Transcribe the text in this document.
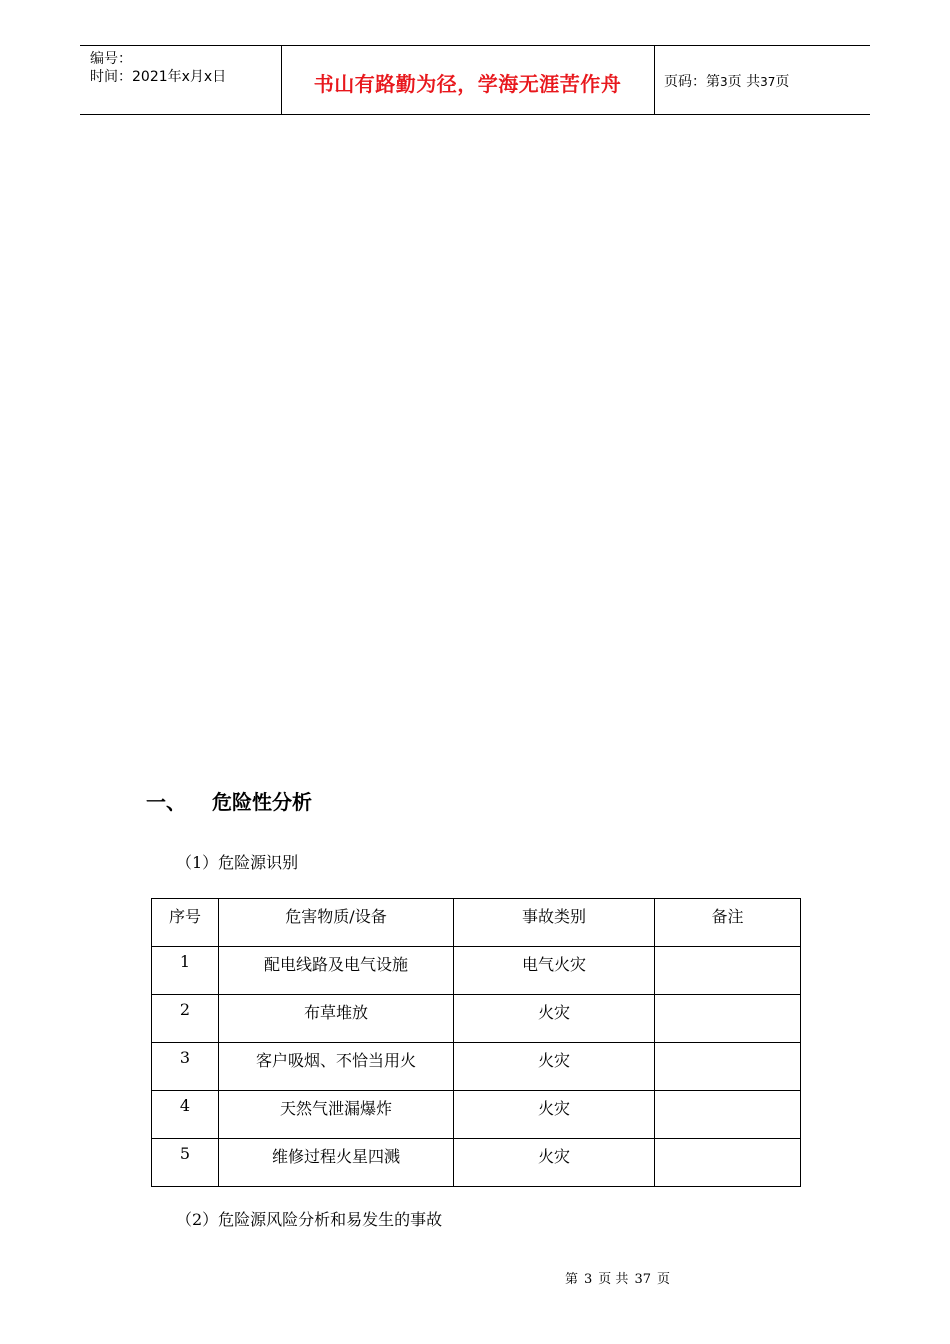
编号：
时间：2021年x月x日	书山有路勤为径，学海无涯苦作舟	页码：第3页 共37页
一、 危险性分析
（1）危险源识别
序号	危害物质/设备	事故类别	备注
1	配电线路及电气设施	电气火灾	
2	布草堆放	火灾	
3	客户吸烟、不恰当用火	火灾	
4	天然气泄漏爆炸	火灾	
5	维修过程火星四溅	火灾	
（2）危险源风险分析和易发生的事故
第 3 页 共 37 页
